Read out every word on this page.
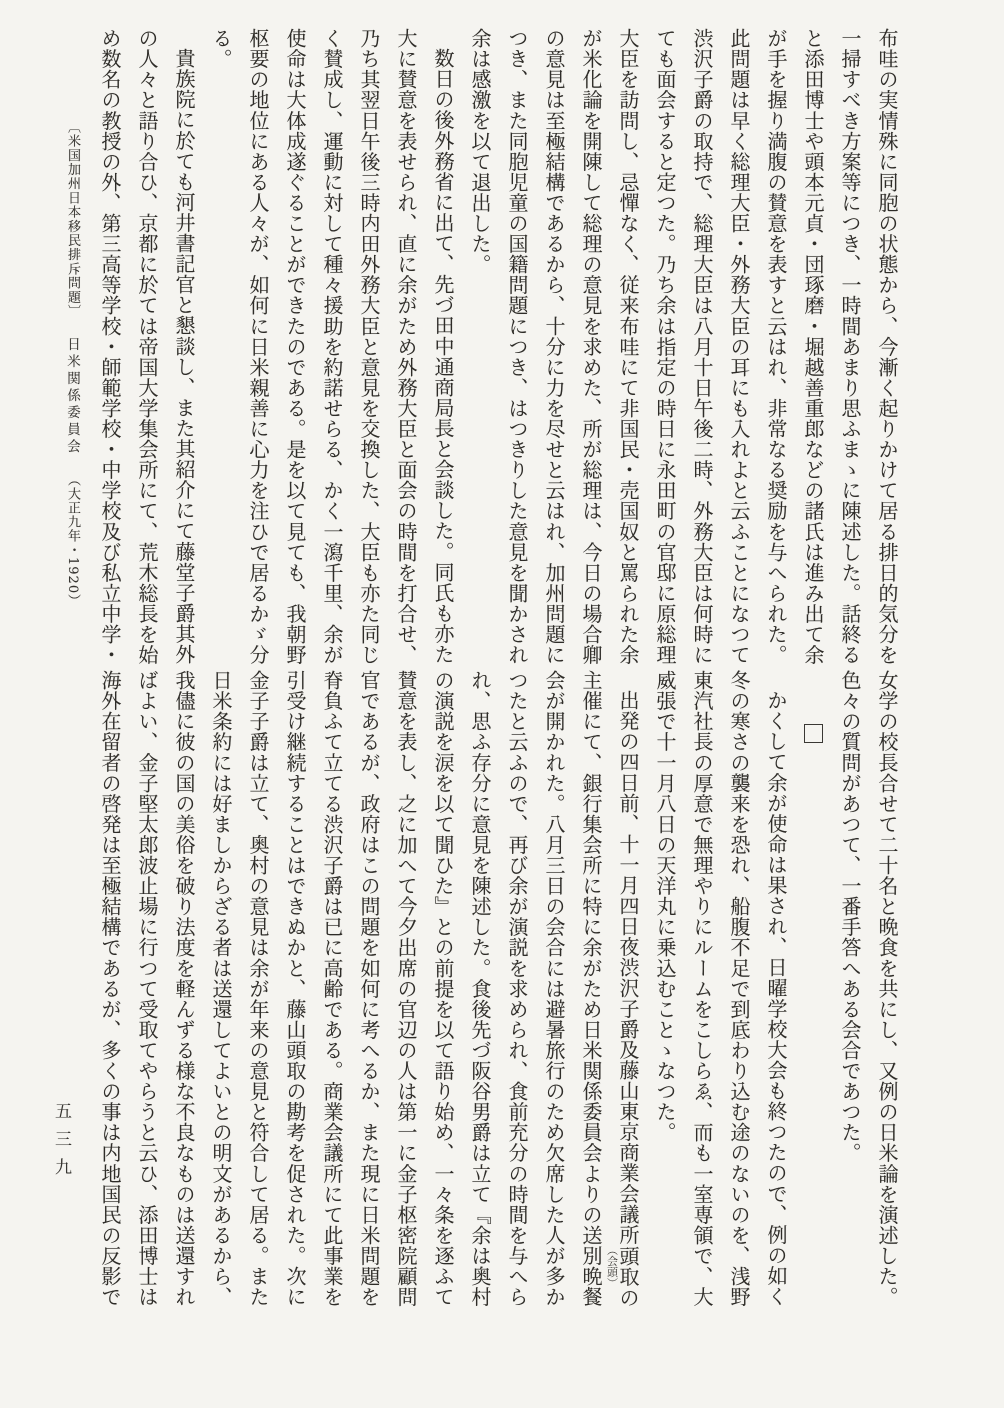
布哇の実情殊に同胞の状態から、今漸く起りかけて居る排日的気分を一掃すべき方案等につき、一時間あまり思ふまゝに陳述した。話終ると添田博士や頭本元貞・団琢磨・堀越善重郎などの諸氏は進み出て余が手を握り満腹の賛意を表すと云はれ、非常なる奨励を与へられた。此問題は早く総理大臣・外務大臣の耳にも入れよと云ふことになつて渋沢子爵の取持で、総理大臣は八月十日午後二時、外務大臣は何時にても面会すると定つた。乃ち余は指定の時日に永田町の官邸に原総理大臣を訪問し、忌憚なく、従来布哇にて非国民・売国奴と罵られた余が米化論を開陳して総理の意見を求めた、所が総理は、今日の場合卿の意見は至極結構であるから、十分に力を尽せと云はれ、加州問題につき、また同胞児童の国籍問題につき、はつきりした意見を聞かされ余は感激を以て退出した。

数日の後外務省に出て、先づ田中通商局長と会談した。同氏も亦た大に賛意を表せられ、直に余がため外務大臣と面会の時間を打合せ、乃ち其翌日午後三時内田外務大臣と意見を交換した、大臣も亦た同じく賛成し、運動に対して種々援助を約諾せらる、かく一瀉千里、余が使命は大体成遂ぐることができたのである。是を以て見ても、我朝野枢要の地位にある人々が、如何に日米親善に心力を注ひで居るかゞ分る。

貴族院に於ても河井書記官と懇談し、また其紹介にて藤堂子爵其外の人々と語り合ひ、京都に於ては帝国大学集会所にて、荒木総長を始め数名の教授の外、第三高等学校・師範学校・中学校及び私立中学・

〔米国加州日本移民排斥問題〕 日米関係委員会 （大正九年・1920）

女学の校長合せて二十名と晩食を共にし、又例の日米論を演述した。色々の質問があつて、一番手答へある会合であつた。

かくして余が使命は果され、日曜学校大会も終つたので、例の如く冬の寒さの襲来を恐れ、船腹不足で到底わり込む途のないのを、浅野東汽社長の厚意で無理やりにルームをこしらゑ、而も一室専領で、大威張で十一月八日の天洋丸に乗込むことゝなつた。

出発の四日前、十一月四日夜渋沢子爵及藤山東京商業会議所頭取（会頭）の主催にて、銀行集会所に特に余がため日米関係委員会よりの送別晩餐会が開かれた。八月三日の会合には避暑旅行のため欠席した人が多かつたと云ふので、再び余が演説を求められ、食前充分の時間を与へられ、思ふ存分に意見を陳述した。食後先づ阪谷男爵は立て『余は奥村の演説を涙を以て聞ひた』との前提を以て語り始め、一々条を逐ふて賛意を表し、之に加へて今夕出席の官辺の人は第一に金子枢密院顧問官であるが、政府はこの問題を如何に考へるか、また現に日米問題を脊負ふて立てる渋沢子爵は已に高齢である。商業会議所にて此事業を引受け継続することはできぬかと、藤山頭取の勘考を促された。次に金子子爵は立て、奥村の意見は余が年来の意見と符合して居る。また日米条約には好ましからざる者は送還してよいとの明文があるから、我儘に彼の国の美俗を破り法度を軽んずる様な不良なものは送還すればよい、金子堅太郎波止場に行つて受取てやらうと云ひ、添田博士は海外在留者の啓発は至極結構であるが、多くの事は内地国民の反影で

五三九
